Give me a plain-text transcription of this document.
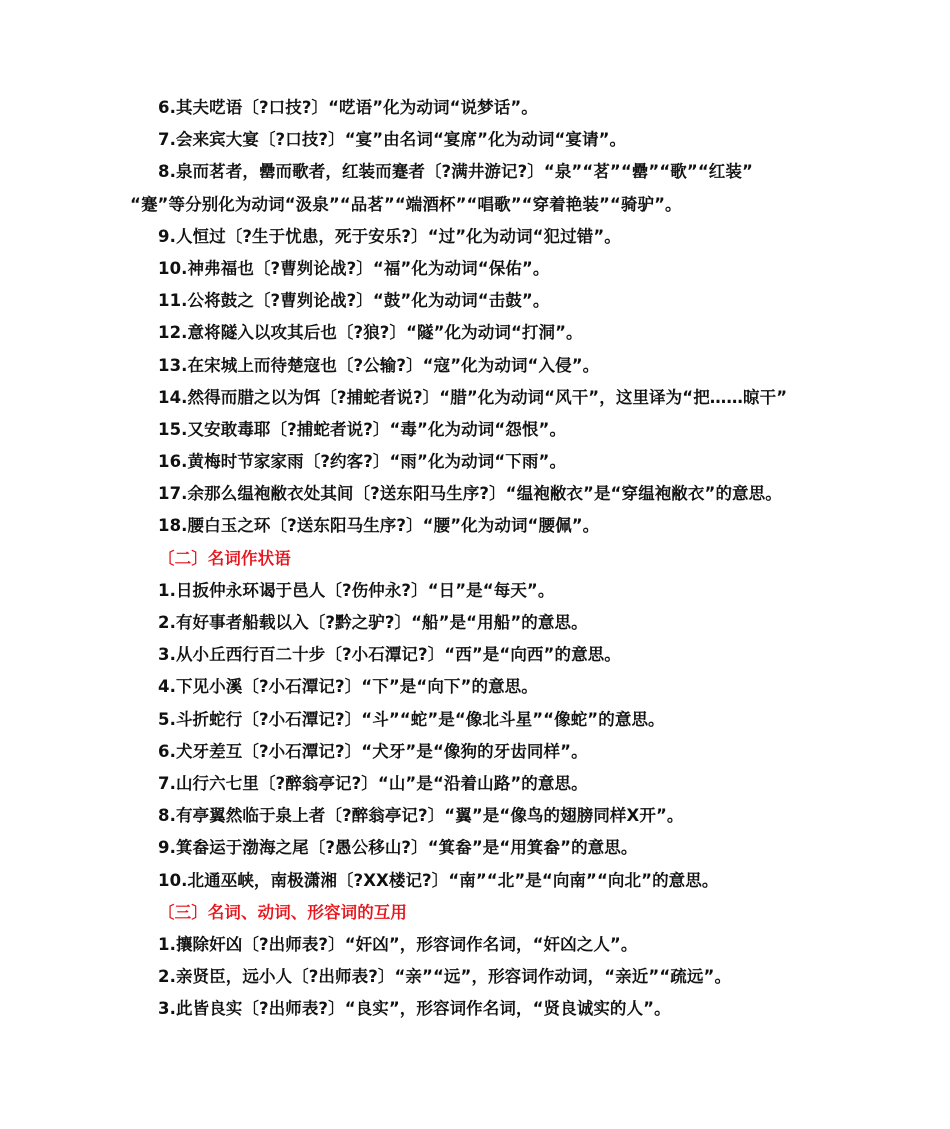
6.其夫呓语〔?口技?〕“呓语”化为动词“说梦话”。
7.会来宾大宴〔?口技?〕“宴”由名词“宴席”化为动词“宴请”。
8.泉而茗者，罍而歌者，红装而蹇者〔?满井游记?〕“泉”“茗”“罍”“歌”“红装”
“蹇”等分别化为动词“汲泉”“品茗”“端酒杯”“唱歌”“穿着艳装”“骑驴”。
9.人恒过〔?生于忧患，死于安乐?〕“过”化为动词“犯过错”。
10.神弗福也〔?曹刿论战?〕“福”化为动词“保佑”。
11.公将鼓之〔?曹刿论战?〕“鼓”化为动词“击鼓”。
12.意将隧入以攻其后也〔?狼?〕“隧”化为动词“打洞”。
13.在宋城上而待楚寇也〔?公输?〕“寇”化为动词“入侵”。
14.然得而腊之以为饵〔?捕蛇者说?〕“腊”化为动词“风干”，这里译为“把……晾干”
15.又安敢毒耶〔?捕蛇者说?〕“毒”化为动词“怨恨”。
16.黄梅时节家家雨〔?约客?〕“雨”化为动词“下雨”。
17.余那么缊袍敝衣处其间〔?送东阳马生序?〕“缊袍敝衣”是“穿缊袍敝衣”的意思。
18.腰白玉之环〔?送东阳马生序?〕“腰”化为动词“腰佩”。
〔二〕名词作状语
1.日扳仲永环谒于邑人〔?伤仲永?〕“日”是“每天”。
2.有好事者船载以入〔?黔之驴?〕“船”是“用船”的意思。
3.从小丘西行百二十步〔?小石潭记?〕“西”是“向西”的意思。
4.下见小溪〔?小石潭记?〕“下”是“向下”的意思。
5.斗折蛇行〔?小石潭记?〕“斗”“蛇”是“像北斗星”“像蛇”的意思。
6.犬牙差互〔?小石潭记?〕“犬牙”是“像狗的牙齿同样”。
7.山行六七里〔?醉翁亭记?〕“山”是“沿着山路”的意思。
8.有亭翼然临于泉上者〔?醉翁亭记?〕“翼”是“像鸟的翅膀同样X开”。
9.箕畚运于渤海之尾〔?愚公移山?〕“箕畚”是“用箕畚”的意思。
10.北通巫峡，南极潇湘〔?XX楼记?〕“南”“北”是“向南”“向北”的意思。
〔三〕名词、动词、形容词的互用
1.攘除奸凶〔?出师表?〕“奸凶”，形容词作名词，“奸凶之人”。
2.亲贤臣，远小人〔?出师表?〕“亲”“远”，形容词作动词，“亲近”“疏远”。
3.此皆良实〔?出师表?〕“良实”，形容词作名词，“贤良诚实的人”。
